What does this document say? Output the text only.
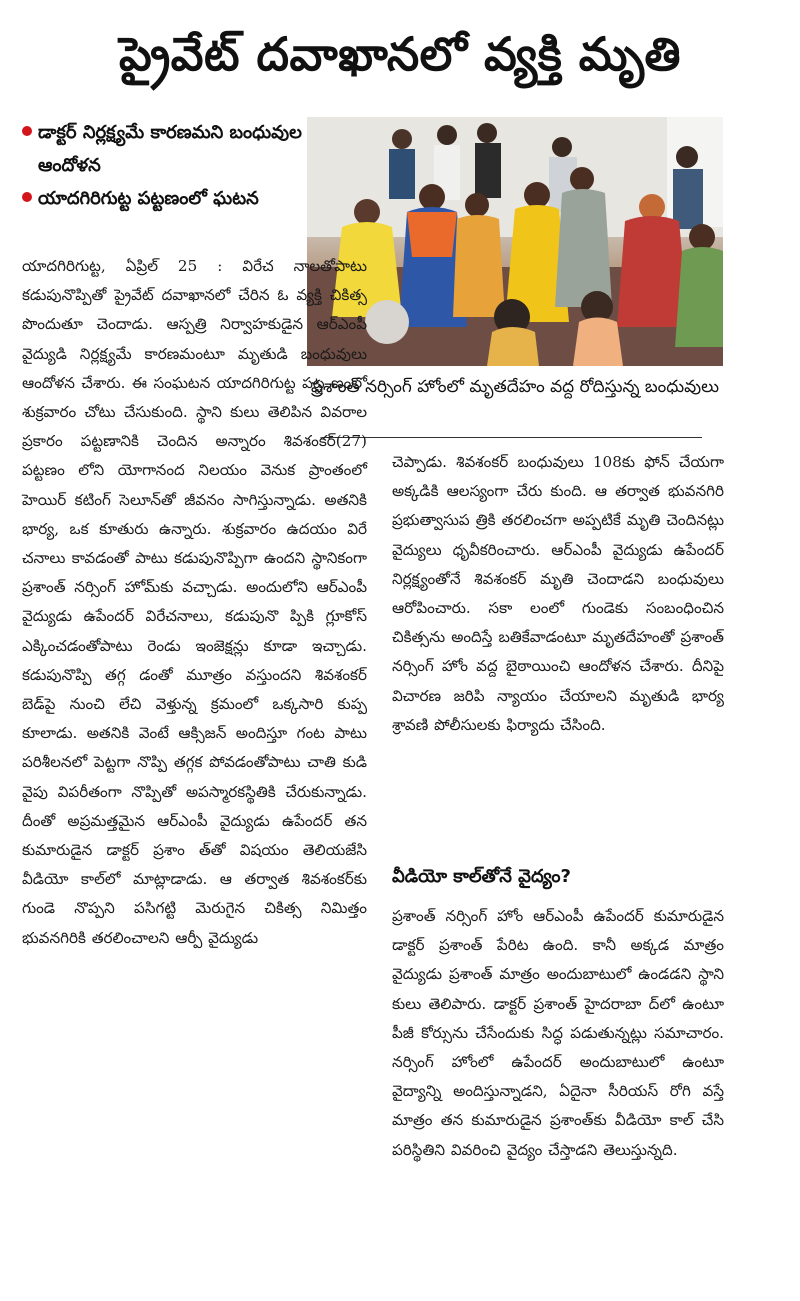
ప్రైవేట్ దవాఖానలో వ్యక్తి మృతి
డాక్టర్ నిర్లక్ష్యమే కారణమని బంధువుల ఆందోళన
యాదగిరిగుట్ట పట్టణంలో ఘటన
ప్రశాంత్ నర్సింగ్ హోంలో మృతదేహం వద్ద రోదిస్తున్న బంధువులు
యాదగిరిగుట్ట, ఏప్రిల్ 25 : విరేచ నాలతోపాటు కడుపునొప్పితో ప్రైవేట్ దవాఖానలో చేరిన ఓ వ్యక్తి చికిత్స పొందుతూ చెందాడు. ఆస్పత్రి నిర్వాహకుడైన ఆర్ఎంపీ వైద్యుడి నిర్లక్ష్యమే కారణమంటూ మృతుడి బంధువులు ఆందోళన చేశారు. ఈ సంఘటన యాదగిరిగుట్ట పట్ట ణంలో శుక్రవారం చోటు చేసుకుంది. స్థాని కులు తెలిపిన వివరాల ప్రకారం పట్టణానికి చెందిన అన్నారం శివశంకర్(27) పట్టణం లోని యోగానంద నిలయం వెనుక ప్రాంతంలో హెయిర్ కటింగ్ సెలూన్‌తో జీవనం సాగిస్తున్నాడు. అతనికి భార్య, ఒక కూతురు ఉన్నారు. శుక్రవారం ఉదయం విరే చనాలు కావడంతో పాటు కడుపునొప్పిగా ఉందని స్థానికంగా ప్రశాంత్ నర్సింగ్ హోమ్‌కు వచ్చాడు. అందులోని ఆర్ఎంపీ వైద్యుడు ఉపేందర్ విరేచనాలు, కడుపునొ ప్పికి గ్లూకోస్ ఎక్కించడంతోపాటు రెండు ఇంజెక్షన్లు కూడా ఇచ్చాడు. కడుపునొప్పి తగ్గ డంతో మూత్రం వస్తుందని శివశంకర్ బెడ్‌పై నుంచి లేచి వెళ్తున్న క్రమంలో ఒక్కసారి కుప్ప కూలాడు. అతనికి వెంటే ఆక్సిజన్ అందిస్తూ గంట పాటు పరిశీలనలో పెట్టగా నొప్పి తగ్గక పోవడంతోపాటు చాతి కుడి వైపు విపరీతంగా నొప్పితో అపస్మారకస్థితికి చేరుకున్నాడు. దీంతో అప్రమత్తమైన ఆర్ఎంపీ వైద్యుడు ఉపేందర్ తన కుమారుడైన డాక్టర్ ప్రశాం త్‌తో విషయం తెలియజేసి వీడియో కాల్‌లో మాట్లాడాడు. ఆ తర్వాత శివశంకర్‌కు గుండె నొప్పని పసిగట్టి మెరుగైన చికిత్స నిమిత్తం భువనగిరికి తరలించాలని ఆర్పీ వైద్యుడు
చెప్పాడు. శివశంకర్ బంధువులు 108కు ఫోన్ చేయగా అక్కడికి ఆలస్యంగా చేరు కుంది. ఆ తర్వాత భువనగిరి ప్రభుత్వాసుప త్రికి తరలించగా అప్పటికే మృతి చెందినట్లు వైద్యులు ధృవీకరించారు. ఆర్ఎంపీ వైద్యుడు ఉపేందర్ నిర్లక్ష్యంతోనే శివశంకర్ మృతి చెందాడని బంధువులు ఆరోపించారు. సకా లంలో గుండెకు సంబంధించిన చికిత్సను అందిస్తే బతికేవాడంటూ మృతదేహంతో ప్రశాంత్ నర్సింగ్ హోం వద్ద బైఠాయించి ఆందోళన చేశారు. దీనిపై విచారణ జరిపి న్యాయం చేయాలని మృతుడి భార్య శ్రావణి పోలీసులకు ఫిర్యాదు చేసింది.
వీడియో కాల్‌తోనే వైద్యం?
ప్రశాంత్ నర్సింగ్ హోం ఆర్ఎంపీ ఉపేందర్ కుమారుడైన డాక్టర్ ప్రశాంత్ పేరిట ఉంది. కానీ అక్కడ మాత్రం వైద్యుడు ప్రశాంత్ మాత్రం అందుబాటులో ఉండడని స్థాని కులు తెలిపారు. డాక్టర్ ప్రశాంత్ హైదరాబా ద్‌లో ఉంటూ పీజీ కోర్సును చేసేందుకు సిద్ధ పడుతున్నట్లు సమాచారం. నర్సింగ్ హోంలో ఉపేందర్ అందుబాటులో ఉంటూ వైద్యాన్ని అందిస్తున్నాడని, ఏదైనా సీరియస్ రోగి వస్తే మాత్రం తన కుమారుడైన ప్రశాంత్‌కు వీడియో కాల్ చేసి పరిస్థితిని వివరించి వైద్యం చేస్తాడని తెలుస్తున్నది.
